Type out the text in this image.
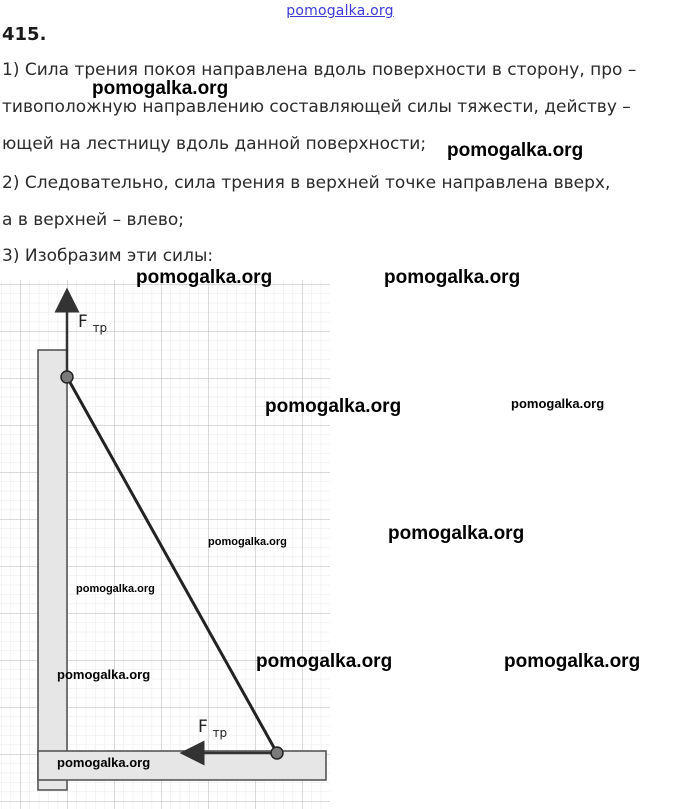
pomogalka.org
415.
1) Сила трения покоя направлена вдоль поверхности в сторону, про –
тивоположную направлению составляющей силы тяжести, действу –
ющей на лестницу вдоль данной поверхности;
2) Следовательно, сила трения в верхней точке направлена вверх,
а в верхней – влево;
3) Изобразим эти силы:
F $_{тр}$
F $_{тр}$
pomogalka.org
pomogalka.org
pomogalka.org	pomogalka.org
pomogalka.org	pomogalka.org
pomogalka.org
pomogalka.org
pomogalka.org
pomogalka.org	pomogalka.org
pomogalka.org
pomogalka.org
